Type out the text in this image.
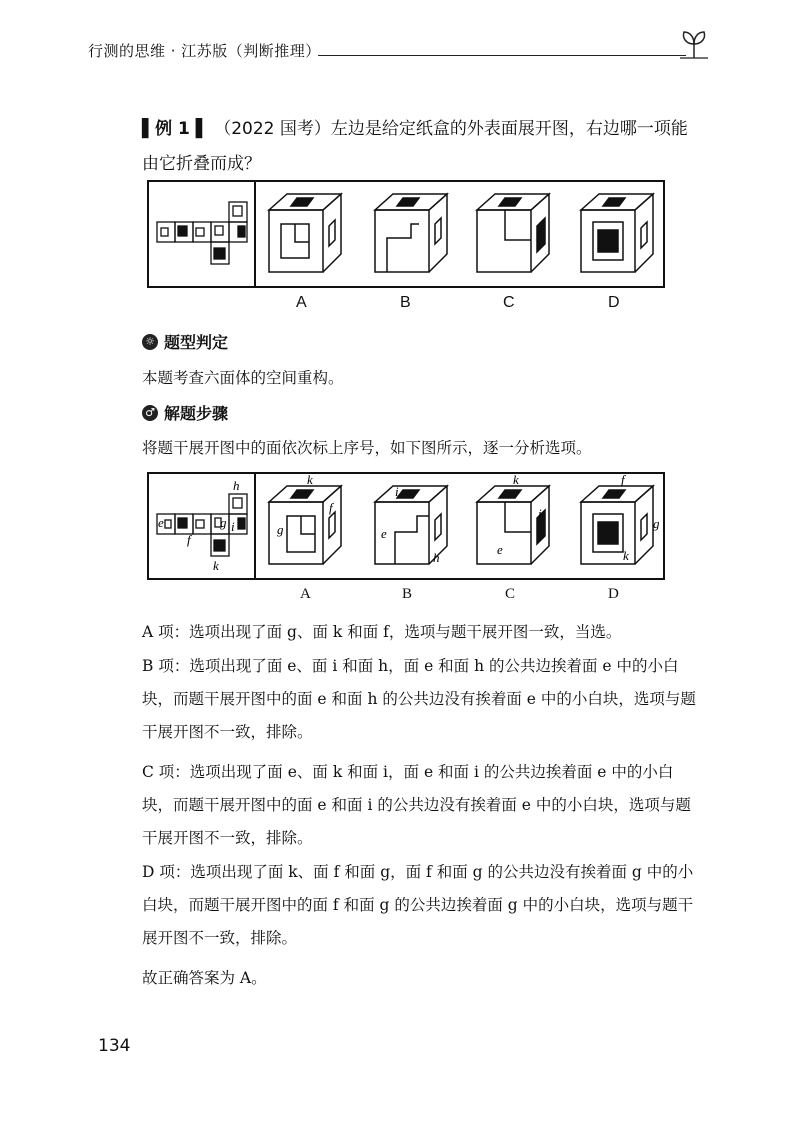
行测的思维 · 江苏版（判断推理）
▌例 1 ▌ （2022 国考）左边是给定纸盒的外表面展开图，右边哪一项能由它折叠而成？
A	B	C	D
☼ 题型判定
本题考查六面体的空间重构。
♂ 解题步骤
将题干展开图中的面依次标上序号，如下图所示，逐一分析选项。
e
f
g
h
i
k
k
g
f
i
e
h
k
e
i
f
k
g
A	B	C	D
A 项：选项出现了面 g、面 k 和面 f，选项与题干展开图一致，当选。
B 项：选项出现了面 e、面 i 和面 h，面 e 和面 h 的公共边挨着面 e 中的小白块，而题干展开图中的面 e 和面 h 的公共边没有挨着面 e 中的小白块，选项与题干展开图不一致，排除。
C 项：选项出现了面 e、面 k 和面 i，面 e 和面 i 的公共边挨着面 e 中的小白块，而题干展开图中的面 e 和面 i 的公共边没有挨着面 e 中的小白块，选项与题干展开图不一致，排除。
D 项：选项出现了面 k、面 f 和面 g，面 f 和面 g 的公共边没有挨着面 g 中的小白块，而题干展开图中的面 f 和面 g 的公共边挨着面 g 中的小白块，选项与题干展开图不一致，排除。
故正确答案为 A。
134
